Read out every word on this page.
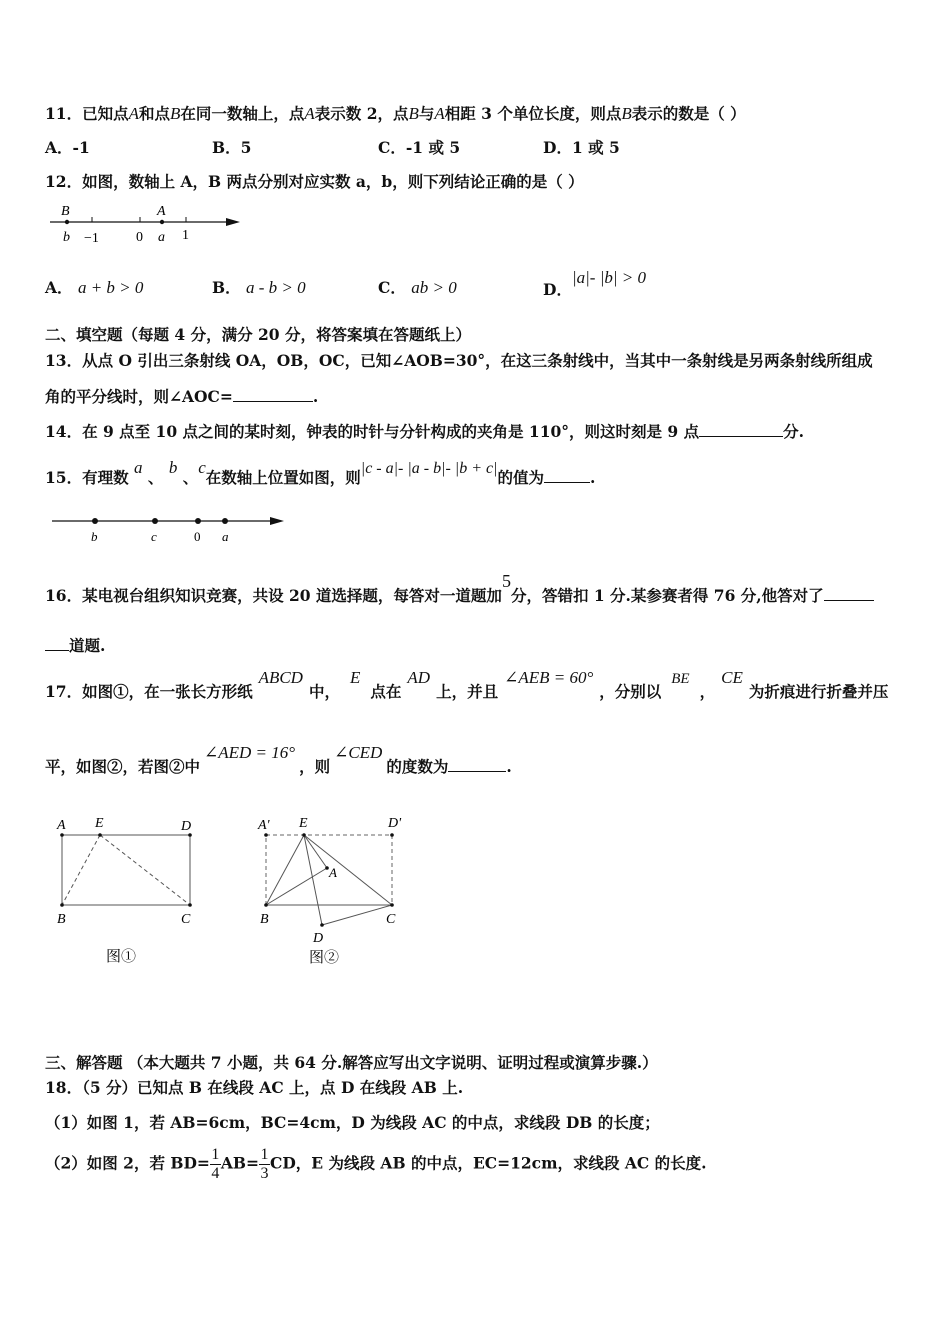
11．已知点A和点B在同一数轴上，点A表示数 2，点B与A相距 3 个单位长度，则点B表示的数是（ ）
A．-1	B．5	C．-1 或 5	D．1 或 5
12．如图，数轴上 A，B 两点分别对应实数 a，b，则下列结论正确的是（ ）
B
b −1	0
A
a 1
A． a + b > 0	B． a - b > 0	C． ab > 0	D．|a|- |b| > 0
二、填空题（每题 4 分，满分 20 分，将答案填在答题纸上）
13．从点 O 引出三条射线 OA，OB，OC，已知∠AOB=30°，在这三条射线中，当其中一条射线是另两条射线所组成
角的平分线时，则∠AOC=	.
14．在 9 点至 10 点之间的某时刻，钟表的时针与分针构成的夹角是 110°，则这时刻是 9 点	分.
15．有理数 a 、 b 、c在数轴上位置如图，则|c - a|- |a - b|- |b + c|的值为	.
b	c	0 a
16．某电视台组织知识竞赛，共设 20 道选择题，每答对一道题加5分，答错扣 1 分.某参赛者得 76 分,他答对了
道题.
17．如图①，在一张长方形纸ABCD中，E点在AD上，并且∠AEB = 60°，分别以BE，CE为折痕进行折叠并压
平，如图②，若图②中∠AED = 16°，则∠CED的度数为	.
A E	D
B	C
图①
A' E	D'
A
B	C
D
图②
三、解答题 （本大题共 7 小题，共 64 分.解答应写出文字说明、证明过程或演算步骤.）
18．（5 分）已知点 B 在线段 AC 上，点 D 在线段 AB 上.
（1）如图 1，若 AB=6cm，BC=4cm，D 为线段 AC 的中点，求线段 DB 的长度；
（2）如图 2，若 $BD= \frac{1}{4} AB= \frac{1}{3}$ CD，E 为线段 AB 的中点，EC=12cm，求线段 AC 的长度.
